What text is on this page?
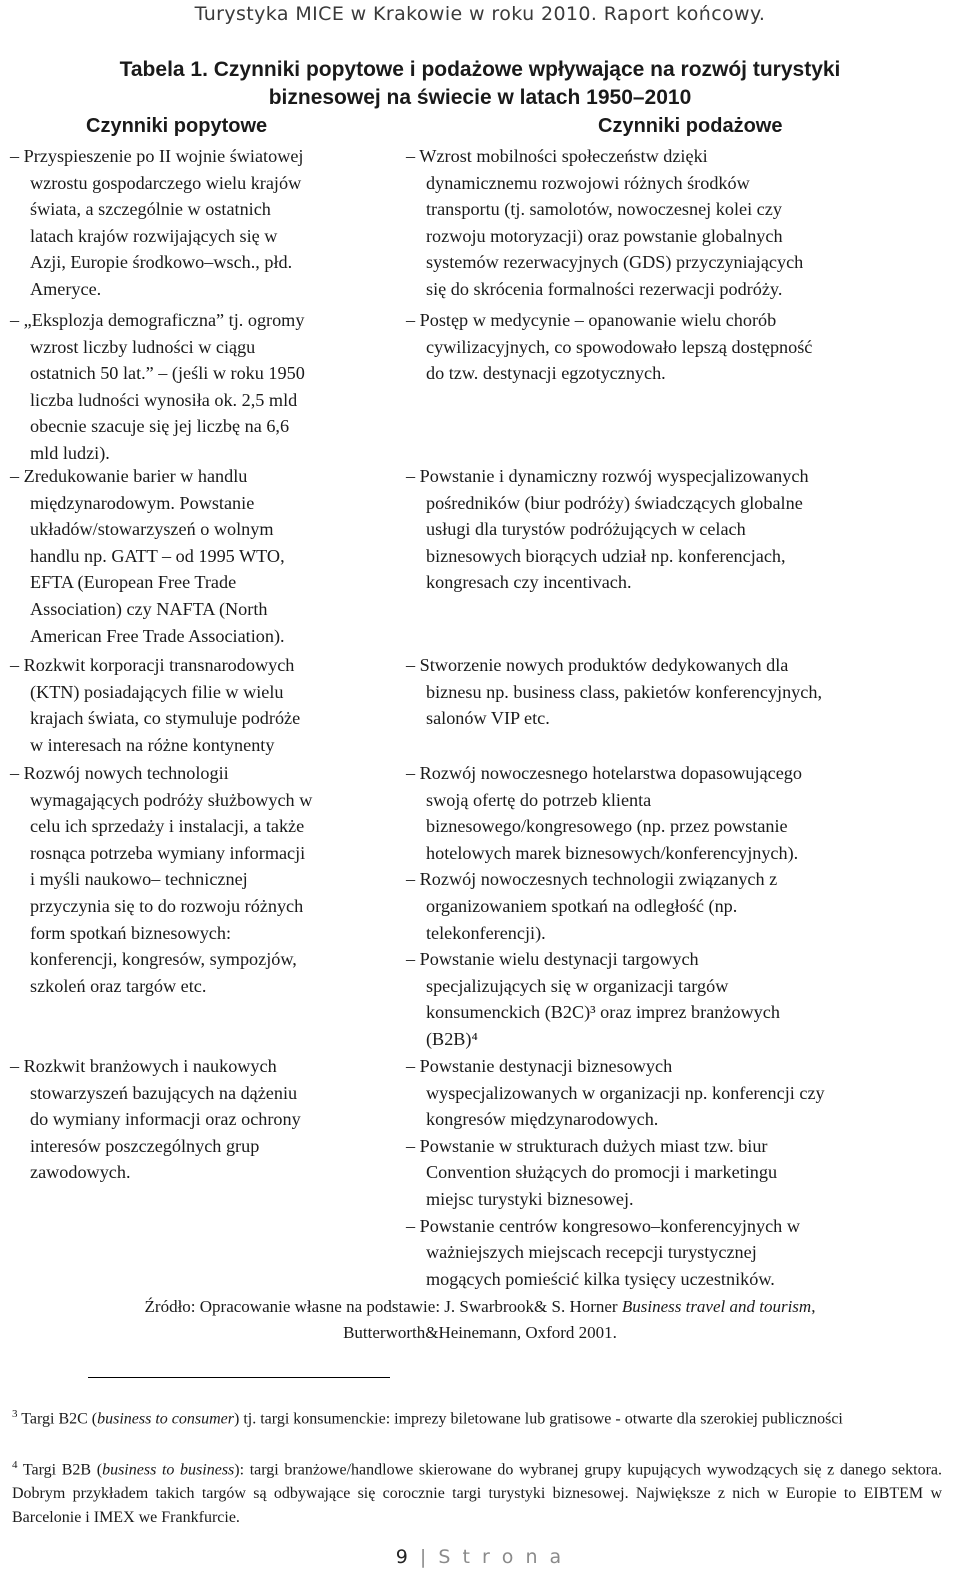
Turystyka MICE w Krakowie w roku 2010. Raport końcowy.
Tabela 1. Czynniki popytowe i podażowe wpływające na rozwój turystyki
biznesowej na świecie w latach 1950–2010
Czynniki popytowe	Czynniki podażowe
– Przyspieszenie po II wojnie światowej
wzrostu gospodarczego wielu krajów
świata, a szczególnie w ostatnich
latach krajów rozwijających się w
Azji, Europie środkowo–wsch., płd.
Ameryce.
– „Eksplozja demograficzna” tj. ogromy
wzrost liczby ludności w ciągu
ostatnich 50 lat.” – (jeśli w roku 1950
liczba ludności wynosiła ok. 2,5 mld
obecnie szacuje się jej liczbę na 6,6
mld ludzi).
– Zredukowanie barier w handlu
międzynarodowym. Powstanie
układów/stowarzyszeń o wolnym
handlu np. GATT – od 1995 WTO,
EFTA (European Free Trade
Association) czy NAFTA (North
American Free Trade Association).
– Rozkwit korporacji transnarodowych
(KTN) posiadających filie w wielu
krajach świata, co stymuluje podróże
w interesach na różne kontynenty
– Rozwój nowych technologii
wymagających podróży służbowych w
celu ich sprzedaży i instalacji, a także
rosnąca potrzeba wymiany informacji
i myśli naukowo– technicznej
przyczynia się to do rozwoju różnych
form spotkań biznesowych:
konferencji, kongresów, sympozjów,
szkoleń oraz targów etc.
– Rozkwit branżowych i naukowych
stowarzyszeń bazujących na dążeniu
do wymiany informacji oraz ochrony
interesów poszczególnych grup
zawodowych.
– Wzrost mobilności społeczeństw dzięki
dynamicznemu rozwojowi różnych środków
transportu (tj. samolotów, nowoczesnej kolei czy
rozwoju motoryzacji) oraz powstanie globalnych
systemów rezerwacyjnych (GDS) przyczyniających
się do skrócenia formalności rezerwacji podróży.
– Postęp w medycynie – opanowanie wielu chorób
cywilizacyjnych, co spowodowało lepszą dostępność
do tzw. destynacji egzotycznych.
– Powstanie i dynamiczny rozwój wyspecjalizowanych
pośredników (biur podróży) świadczących globalne
usługi dla turystów podróżujących w celach
biznesowych biorących udział np. konferencjach,
kongresach czy incentivach.
– Stworzenie nowych produktów dedykowanych dla
biznesu np. business class, pakietów konferencyjnych,
salonów VIP etc.
– Rozwój nowoczesnego hotelarstwa dopasowującego
swoją ofertę do potrzeb klienta
biznesowego/kongresowego (np. przez powstanie
hotelowych marek biznesowych/konferencyjnych).
– Rozwój nowoczesnych technologii związanych z
organizowaniem spotkań na odległość (np.
telekonferencji).
– Powstanie wielu destynacji targowych
specjalizujących się w organizacji targów
konsumenckich (B2C)³ oraz imprez branżowych
(B2B)⁴
– Powstanie destynacji biznesowych
wyspecjalizowanych w organizacji np. konferencji czy
kongresów międzynarodowych.
– Powstanie w strukturach dużych miast tzw. biur
Convention służących do promocji i marketingu
miejsc turystyki biznesowej.
– Powstanie centrów kongresowo–konferencyjnych w
ważniejszych miejscach recepcji turystycznej
mogących pomieścić kilka tysięcy uczestników.
Źródło: Opracowanie własne na podstawie: J. Swarbrook& S. Horner Business travel and tourism,
Butterworth&Heinemann, Oxford 2001.
$^3$ Targi B2C (business to consumer) tj. targi konsumenckie: imprezy biletowane lub gratisowe - otwarte dla szerokiej publiczności
$^4$ Targi B2B (business to business): targi branżowe/handlowe skierowane do wybranej grupy kupujących wywodzących się z danego sektora. Dobrym przykładem takich targów są odbywające się corocznie targi turystyki biznesowej. Największe z nich w Europie to EIBTEM w Barcelonie i IMEX we Frankfurcie.
9 | S t r o n a
